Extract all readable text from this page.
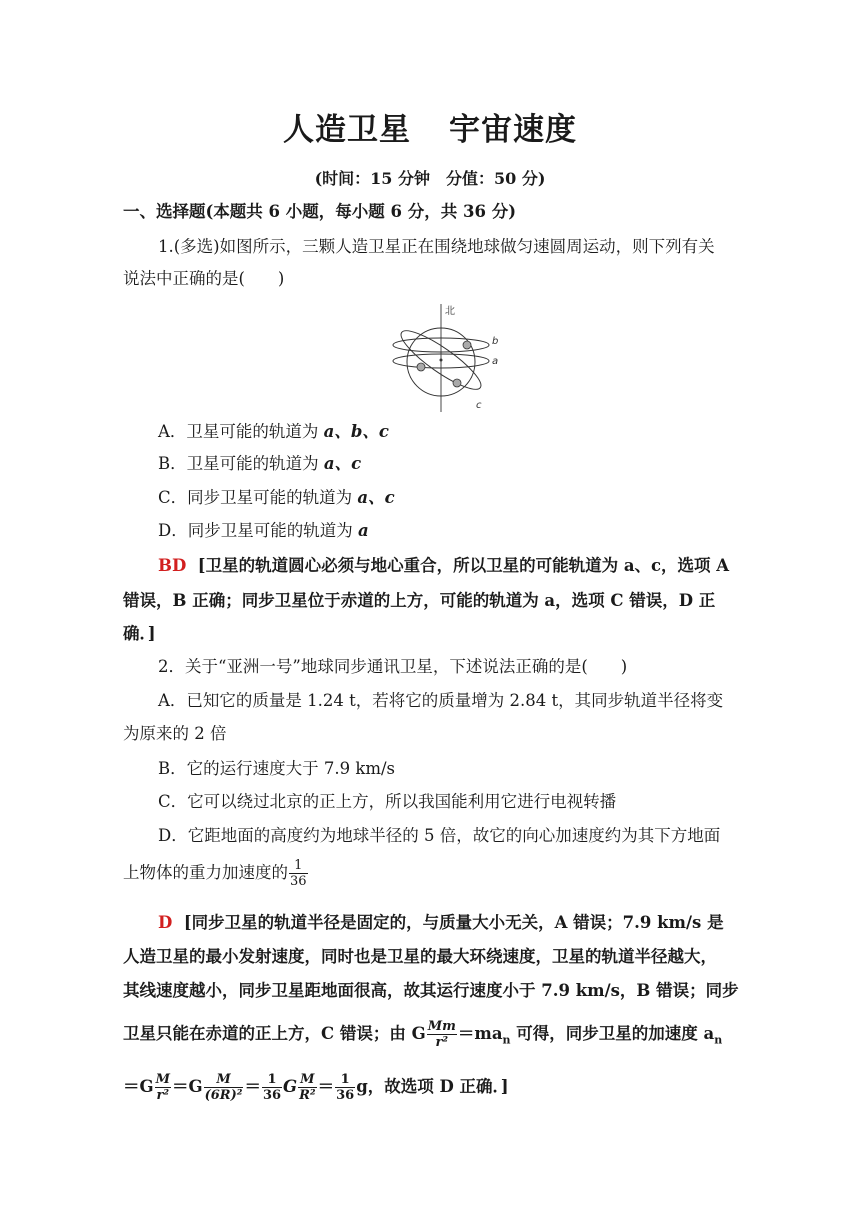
人造卫星 宇宙速度
(时间：15 分钟　分值：50 分)
一、选择题(本题共 6 小题，每小题 6 分，共 36 分)
1.(多选)如图所示，三颗人造卫星正在围绕地球做匀速圆周运动，则下列有关
说法中正确的是(　　)
北
b
a
c
A．卫星可能的轨道为 a、b、c
B．卫星可能的轨道为 a、c
C．同步卫星可能的轨道为 a、c
D．同步卫星可能的轨道为 a
BD [卫星的轨道圆心必须与地心重合，所以卫星的可能轨道为 a、c，选项 A
错误，B 正确；同步卫星位于赤道的上方，可能的轨道为 a，选项 C 错误，D 正
确．]
2．关于“亚洲一号”地球同步通讯卫星，下述说法正确的是(　　)
A．已知它的质量是 1.24 t，若将它的质量增为 2.84 t，其同步轨道半径将变
为原来的 2 倍
B．它的运行速度大于 7.9 km/s
C．它可以绕过北京的正上方，所以我国能利用它进行电视转播
D．它距地面的高度约为地球半径的 5 倍，故它的向心加速度约为其下方地面
上物体的重力加速度的 $\frac{1}{36}$
D [同步卫星的轨道半径是固定的，与质量大小无关，A 错误；7.9 km/s 是
人造卫星的最小发射速度，同时也是卫星的最大环绕速度，卫星的轨道半径越大，
其线速度越小，同步卫星距地面很高，故其运行速度小于 7.9 km/s，B 错误；同步
卫星只能在赤道的正上方，C 错误；由 G $\frac{Mm}{\text{r²}} =ma_n$ 可得，同步卫星的加速度 $a_n$
$=G \frac{M}{\text{r²}} =G \frac{M}{\text{(6R)²}} = \frac{1}{36}$ G $\frac{M}{\text{R²}} = \frac{1}{36}$ g，故选项 D 正确．]
